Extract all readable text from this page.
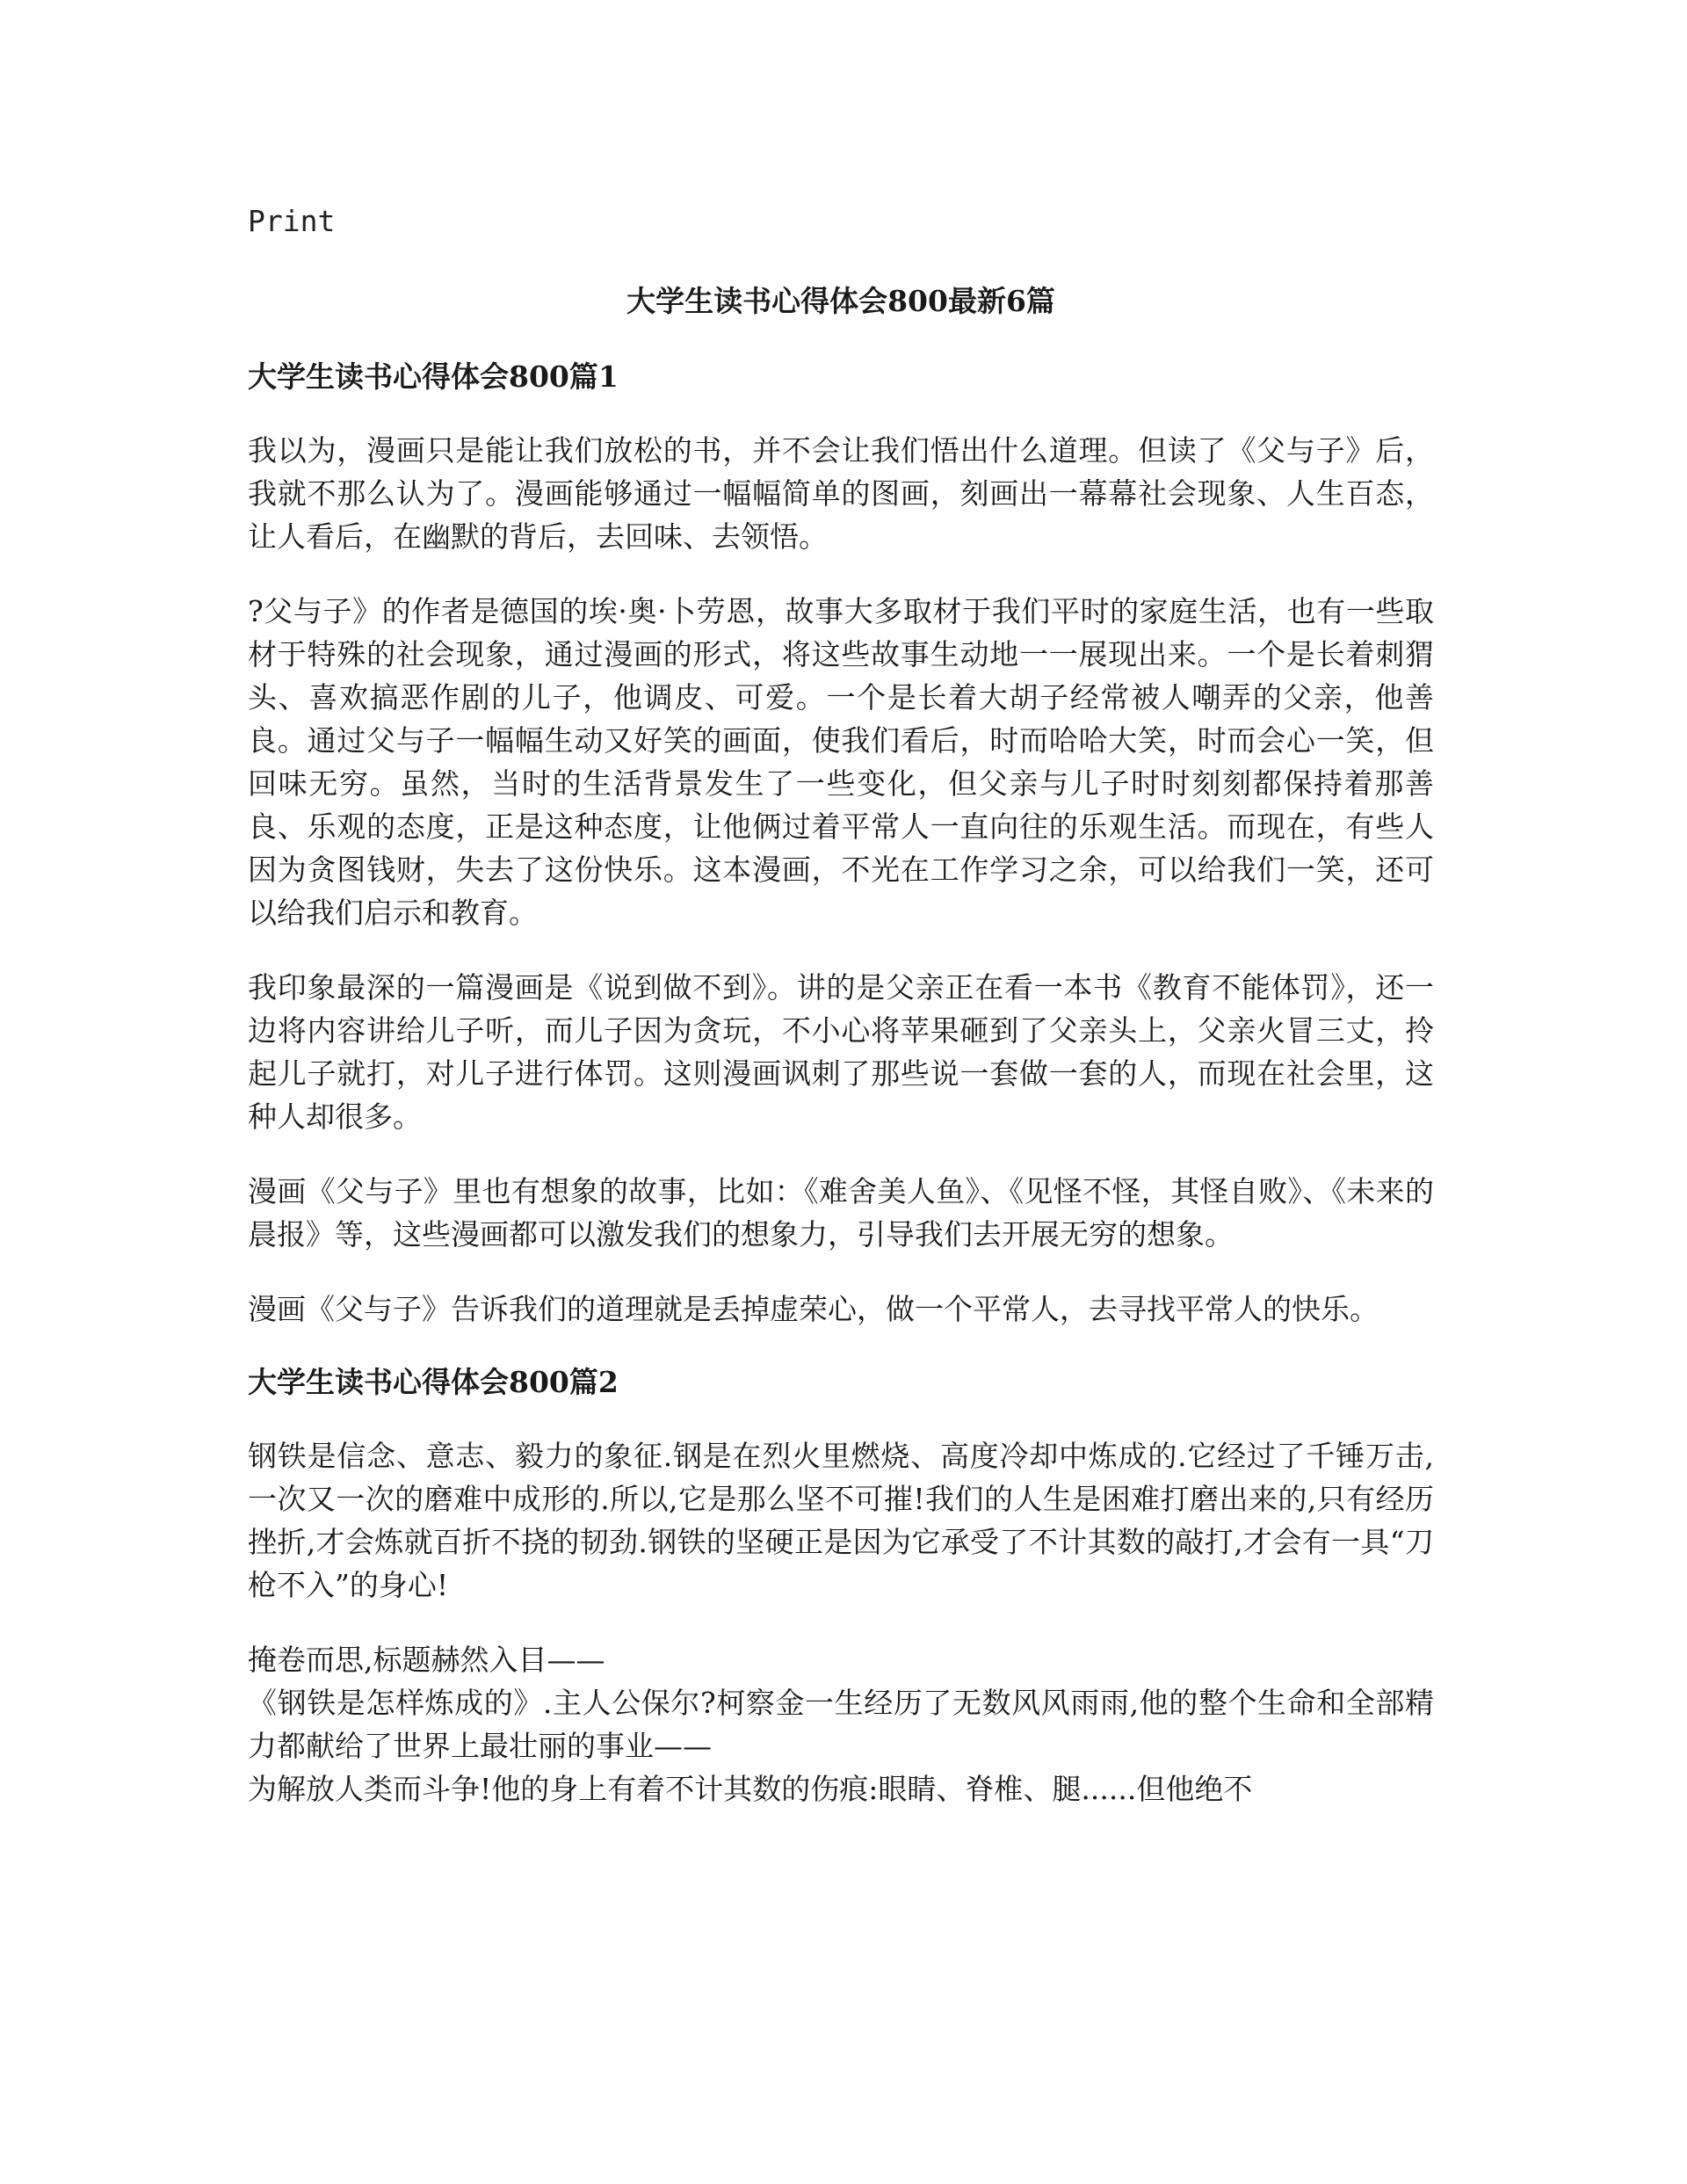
Print
大学生读书心得体会800最新6篇
大学生读书心得体会800篇1

我以为，漫画只是能让我们放松的书，并不会让我们悟出什么道理。但读了《父与子》后，我就不那么认为了。漫画能够通过一幅幅简单的图画，刻画出一幕幕社会现象、人生百态，让人看后，在幽默的背后，去回味、去领悟。

?父与子》的作者是德国的埃·奥·卜劳恩，故事大多取材于我们平时的家庭生活，也有一些取材于特殊的社会现象，通过漫画的形式，将这些故事生动地一一展现出来。一个是长着刺猬头、喜欢搞恶作剧的儿子，他调皮、可爱。一个是长着大胡子经常被人嘲弄的父亲，他善良。通过父与子一幅幅生动又好笑的画面，使我们看后，时而哈哈大笑，时而会心一笑，但回味无穷。虽然，当时的生活背景发生了一些变化，但父亲与儿子时时刻刻都保持着那善良、乐观的态度，正是这种态度，让他俩过着平常人一直向往的乐观生活。而现在，有些人因为贪图钱财，失去了这份快乐。这本漫画，不光在工作学习之余，可以给我们一笑，还可以给我们启示和教育。

我印象最深的一篇漫画是《说到做不到》。讲的是父亲正在看一本书《教育不能体罚》，还一边将内容讲给儿子听，而儿子因为贪玩，不小心将苹果砸到了父亲头上，父亲火冒三丈，拎起儿子就打，对儿子进行体罚。这则漫画讽刺了那些说一套做一套的人，而现在社会里，这种人却很多。

漫画《父与子》里也有想象的故事，比如：《难舍美人鱼》、《见怪不怪，其怪自败》、《未来的晨报》等，这些漫画都可以激发我们的想象力，引导我们去开展无穷的想象。

漫画《父与子》告诉我们的道理就是丢掉虚荣心，做一个平常人，去寻找平常人的快乐。

大学生读书心得体会800篇2

钢铁是信念、意志、毅力的象征.钢是在烈火里燃烧、高度冷却中炼成的.它经过了千锤万击,一次又一次的磨难中成形的.所以,它是那么坚不可摧!我们的人生是困难打磨出来的,只有经历挫折,才会炼就百折不挠的韧劲.钢铁的坚硬正是因为它承受了不计其数的敲打,才会有一具“刀枪不入”的身心!

掩卷而思,标题赫然入目——
《钢铁是怎样炼成的》.主人公保尔?柯察金一生经历了无数风风雨雨,他的整个生命和全部精力都献给了世界上最壮丽的事业——
为解放人类而斗争!他的身上有着不计其数的伤痕:眼睛、脊椎、腿......但他绝不
